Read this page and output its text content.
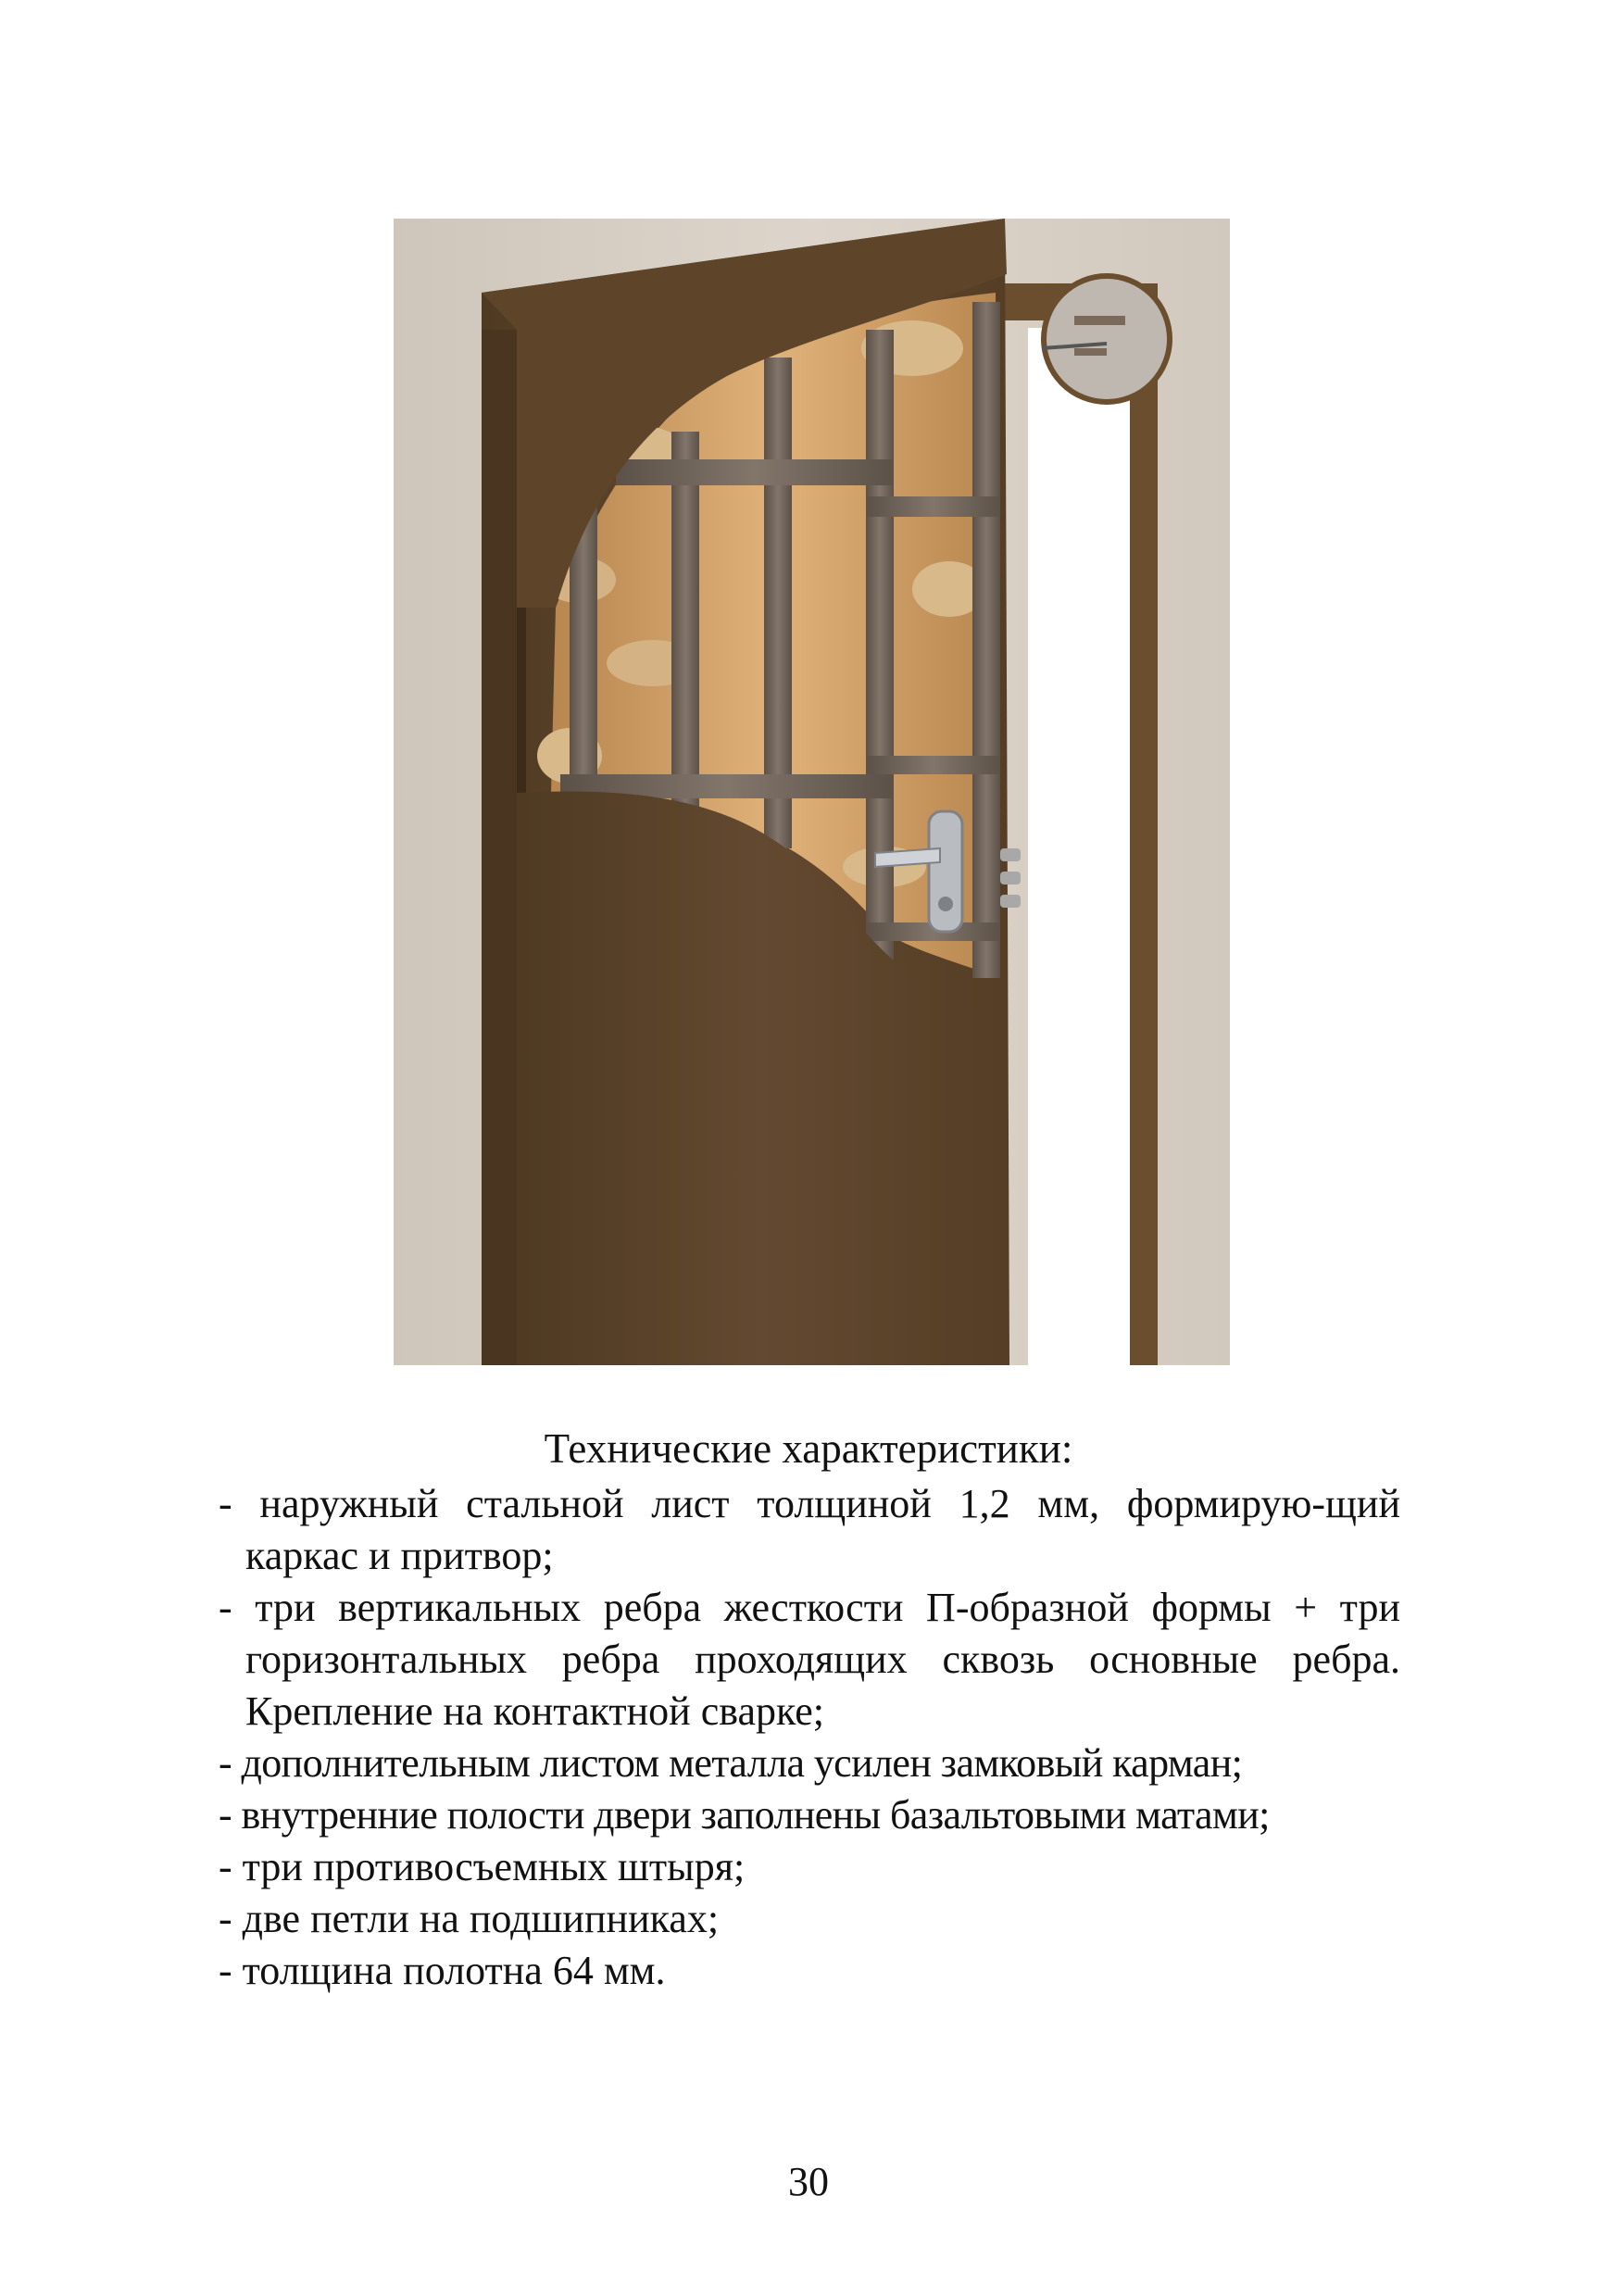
Технические характеристики:
- наружный стальной лист толщиной 1,2 мм, формирую-щий каркас и притвор;
- три вертикальных ребра жесткости П-образной формы + три горизонтальных ребра проходящих сквозь основные ребра. Крепление на контактной сварке;
- дополнительным листом металла усилен замковый карман;
- внутренние полости двери заполнены базальтовыми матами;
- три противосъемных штыря;
- две петли на подшипниках;
- толщина полотна 64 мм.
30
